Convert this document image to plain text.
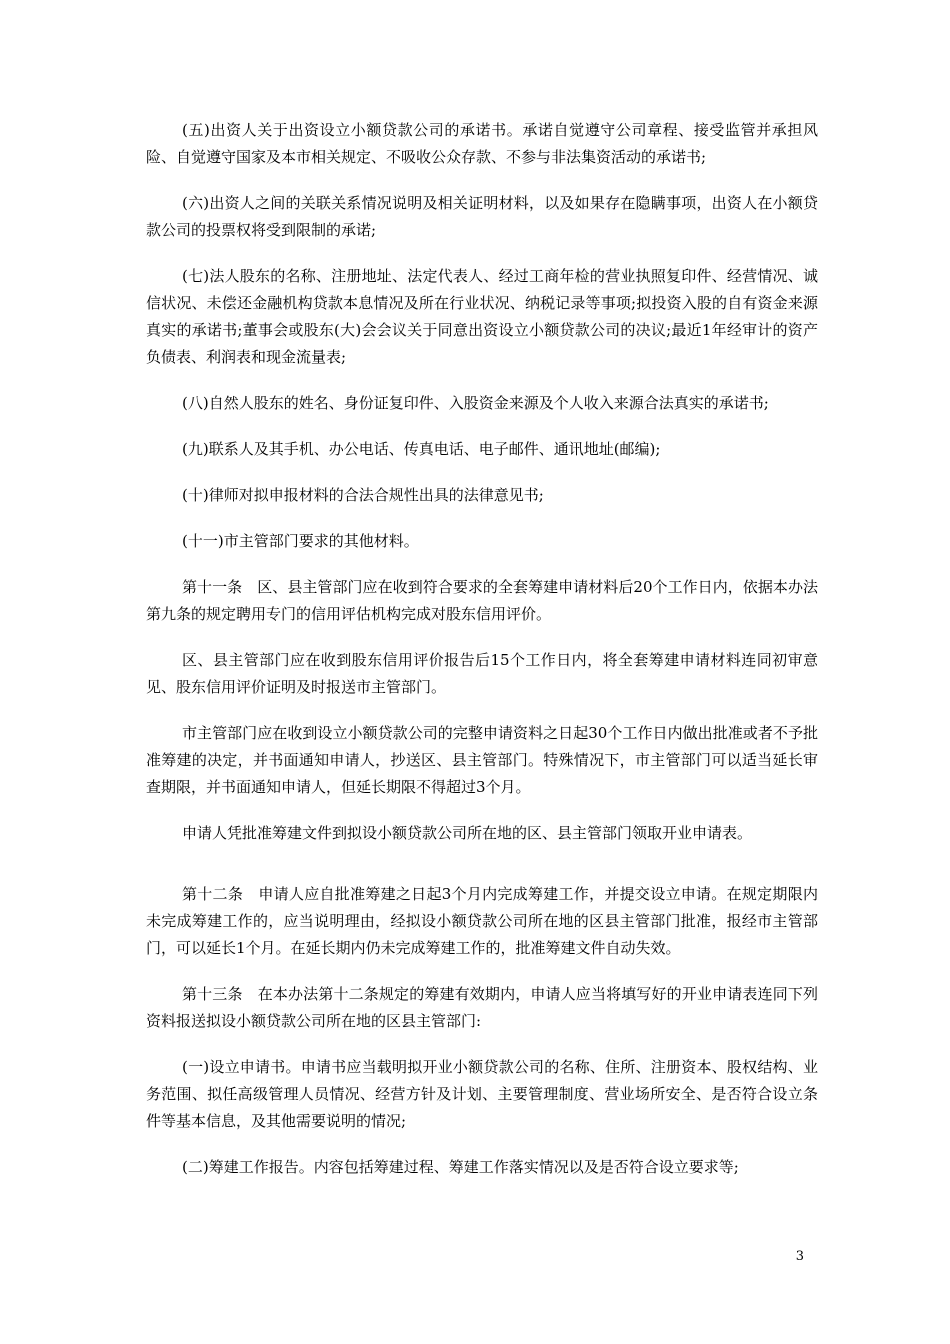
(五)出资人关于出资设立小额贷款公司的承诺书。承诺自觉遵守公司章程、接受监管并承担风险、自觉遵守国家及本市相关规定、不吸收公众存款、不参与非法集资活动的承诺书;

(六)出资人之间的关联关系情况说明及相关证明材料，以及如果存在隐瞒事项，出资人在小额贷款公司的投票权将受到限制的承诺;

(七)法人股东的名称、注册地址、法定代表人、经过工商年检的营业执照复印件、经营情况、诚信状况、未偿还金融机构贷款本息情况及所在行业状况、纳税记录等事项;拟投资入股的自有资金来源真实的承诺书;董事会或股东(大)会会议关于同意出资设立小额贷款公司的决议;最近1年经审计的资产负债表、利润表和现金流量表;

(八)自然人股东的姓名、身份证复印件、入股资金来源及个人收入来源合法真实的承诺书;

(九)联系人及其手机、办公电话、传真电话、电子邮件、通讯地址(邮编);

(十)律师对拟申报材料的合法合规性出具的法律意见书;

(十一)市主管部门要求的其他材料。

第十一条　区、县主管部门应在收到符合要求的全套筹建申请材料后20个工作日内，依据本办法第九条的规定聘用专门的信用评估机构完成对股东信用评价。

区、县主管部门应在收到股东信用评价报告后15个工作日内，将全套筹建申请材料连同初审意见、股东信用评价证明及时报送市主管部门。

市主管部门应在收到设立小额贷款公司的完整申请资料之日起30个工作日内做出批准或者不予批准筹建的决定，并书面通知申请人，抄送区、县主管部门。特殊情况下，市主管部门可以适当延长审查期限，并书面通知申请人，但延长期限不得超过3个月。

申请人凭批准筹建文件到拟设小额贷款公司所在地的区、县主管部门领取开业申请表。

第十二条　申请人应自批准筹建之日起3个月内完成筹建工作，并提交设立申请。在规定期限内未完成筹建工作的，应当说明理由，经拟设小额贷款公司所在地的区县主管部门批准，报经市主管部门，可以延长1个月。在延长期内仍未完成筹建工作的，批准筹建文件自动失效。

第十三条　在本办法第十二条规定的筹建有效期内，申请人应当将填写好的开业申请表连同下列资料报送拟设小额贷款公司所在地的区县主管部门:

(一)设立申请书。申请书应当载明拟开业小额贷款公司的名称、住所、注册资本、股权结构、业务范围、拟任高级管理人员情况、经营方针及计划、主要管理制度、营业场所安全、是否符合设立条件等基本信息，及其他需要说明的情况;

(二)筹建工作报告。内容包括筹建过程、筹建工作落实情况以及是否符合设立要求等;

3
